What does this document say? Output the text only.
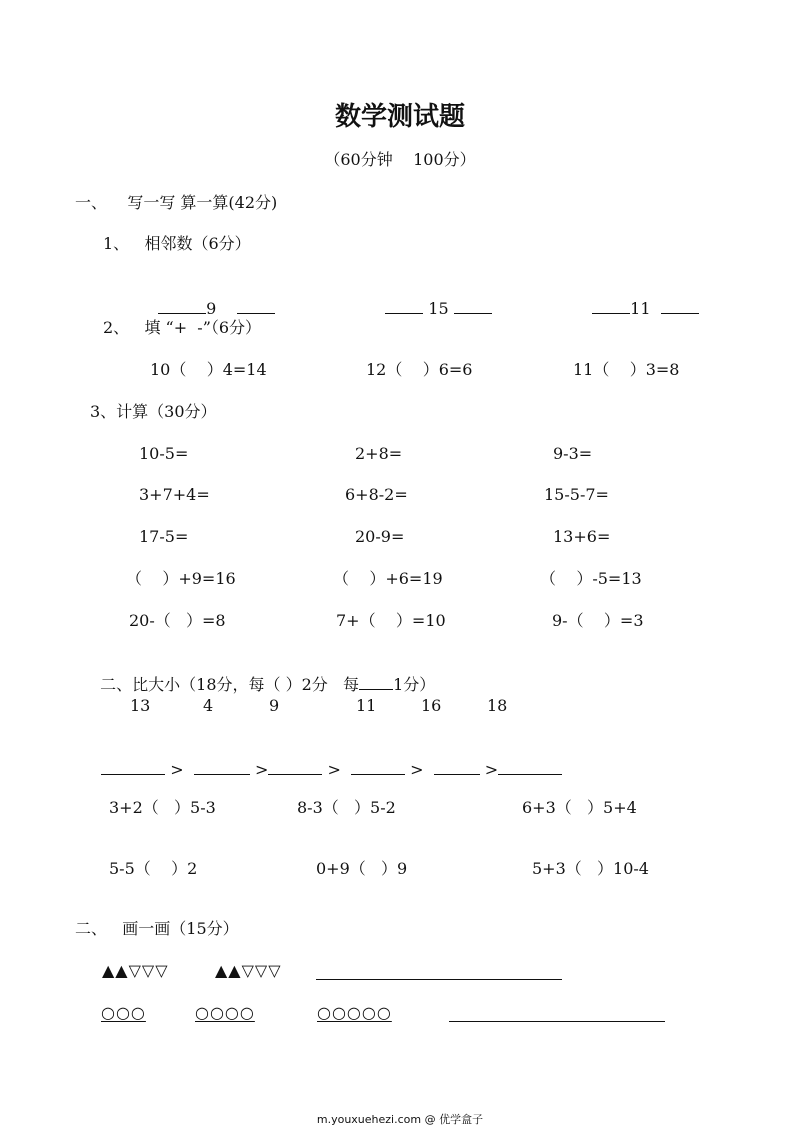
数学测试题
（60分钟    100分）
一、    写一写 算一算(42分)
1、   相邻数（6分）

9	15	11

2、   填 “+  -”（6分）
10（    ）4=14	12（    ）6=6	11（    ）3=8
3、计算（30分）
10-5=	2+8=	9-3=
3+7+4=	6+8-2=	15-5-7=
17-5=	20-9=	13+6=
（    ）+9=16	（    ）+6=19	（    ）-5=13
20-（   ）=8	7+（    ）=10	9-（    ）=3

二、比大小（18分，每（ ）2分   每 1分）

13	4	9	11	16	18

>	>	>	>	>

3+2（   ）5-3	8-3（   ）5-2	6+3（   ）5+4
5-5（    ）2	0+9（   ）9	5+3（   ）10-4
二、   画一画（15分）
▲▲▽▽▽	▲▲▽▽▽
○○○	○○○○	○○○○○
m.youxuehezi.com @ 优学盒子
